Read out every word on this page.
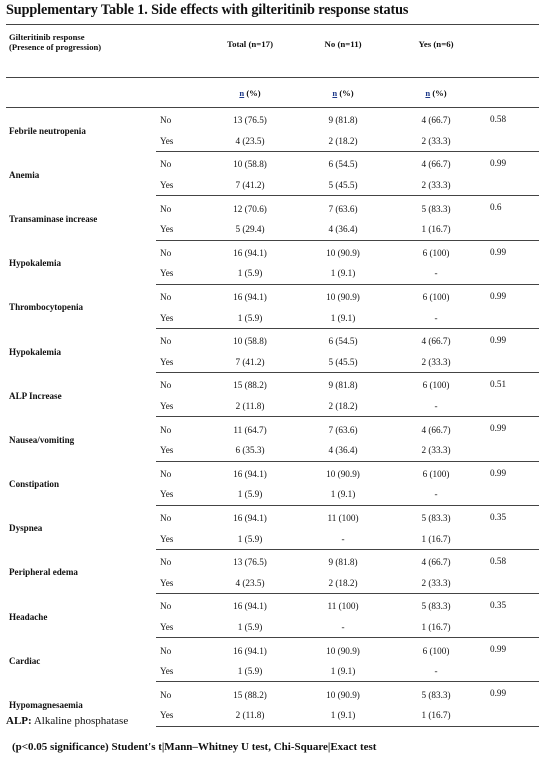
Supplementary Table 1. Side effects with gilteritinib response status
Gilteritinib response
(Presence of progression)		Total (n=17)	No (n=11)	Yes (n=6)	
		n (%)	n (%)	n (%)	
Febrile neutropenia	No	13 (76.5)	9 (81.8)	4 (66.7)	0.58
	Yes	4 (23.5)	2 (18.2)	2 (33.3)	
Anemia	No	10 (58.8)	6 (54.5)	4 (66.7)	0.99
	Yes	7 (41.2)	5 (45.5)	2 (33.3)	
Transaminase increase	No	12 (70.6)	7 (63.6)	5 (83.3)	0.6
	Yes	5 (29.4)	4 (36.4)	1 (16.7)	
Hypokalemia	No	16 (94.1)	10 (90.9)	6 (100)	0.99
	Yes	1 (5.9)	1 (9.1)	-	
Thrombocytopenia	No	16 (94.1)	10 (90.9)	6 (100)	0.99
	Yes	1 (5.9)	1 (9.1)	-	
Hypokalemia	No	10 (58.8)	6 (54.5)	4 (66.7)	0.99
	Yes	7 (41.2)	5 (45.5)	2 (33.3)	
ALP Increase	No	15 (88.2)	9 (81.8)	6 (100)	0.51
	Yes	2 (11.8)	2 (18.2)	-	
Nausea/vomiting	No	11 (64.7)	7 (63.6)	4 (66.7)	0.99
	Yes	6 (35.3)	4 (36.4)	2 (33.3)	
Constipation	No	16 (94.1)	10 (90.9)	6 (100)	0.99
	Yes	1 (5.9)	1 (9.1)	-	
Dyspnea	No	16 (94.1)	11 (100)	5 (83.3)	0.35
	Yes	1 (5.9)	-	1 (16.7)	
Peripheral edema	No	13 (76.5)	9 (81.8)	4 (66.7)	0.58
	Yes	4 (23.5)	2 (18.2)	2 (33.3)	
Headache	No	16 (94.1)	11 (100)	5 (83.3)	0.35
	Yes	1 (5.9)	-	1 (16.7)	
Cardiac	No	16 (94.1)	10 (90.9)	6 (100)	0.99
	Yes	1 (5.9)	1 (9.1)	-	
Hypomagnesaemia	No	15 (88.2)	10 (90.9)	5 (83.3)	0.99
	Yes	2 (11.8)	1 (9.1)	1 (16.7)	
ALP: Alkaline phosphatase
(p<0.05 significance) Student's t|Mann–Whitney U test, Chi-Square|Exact test
